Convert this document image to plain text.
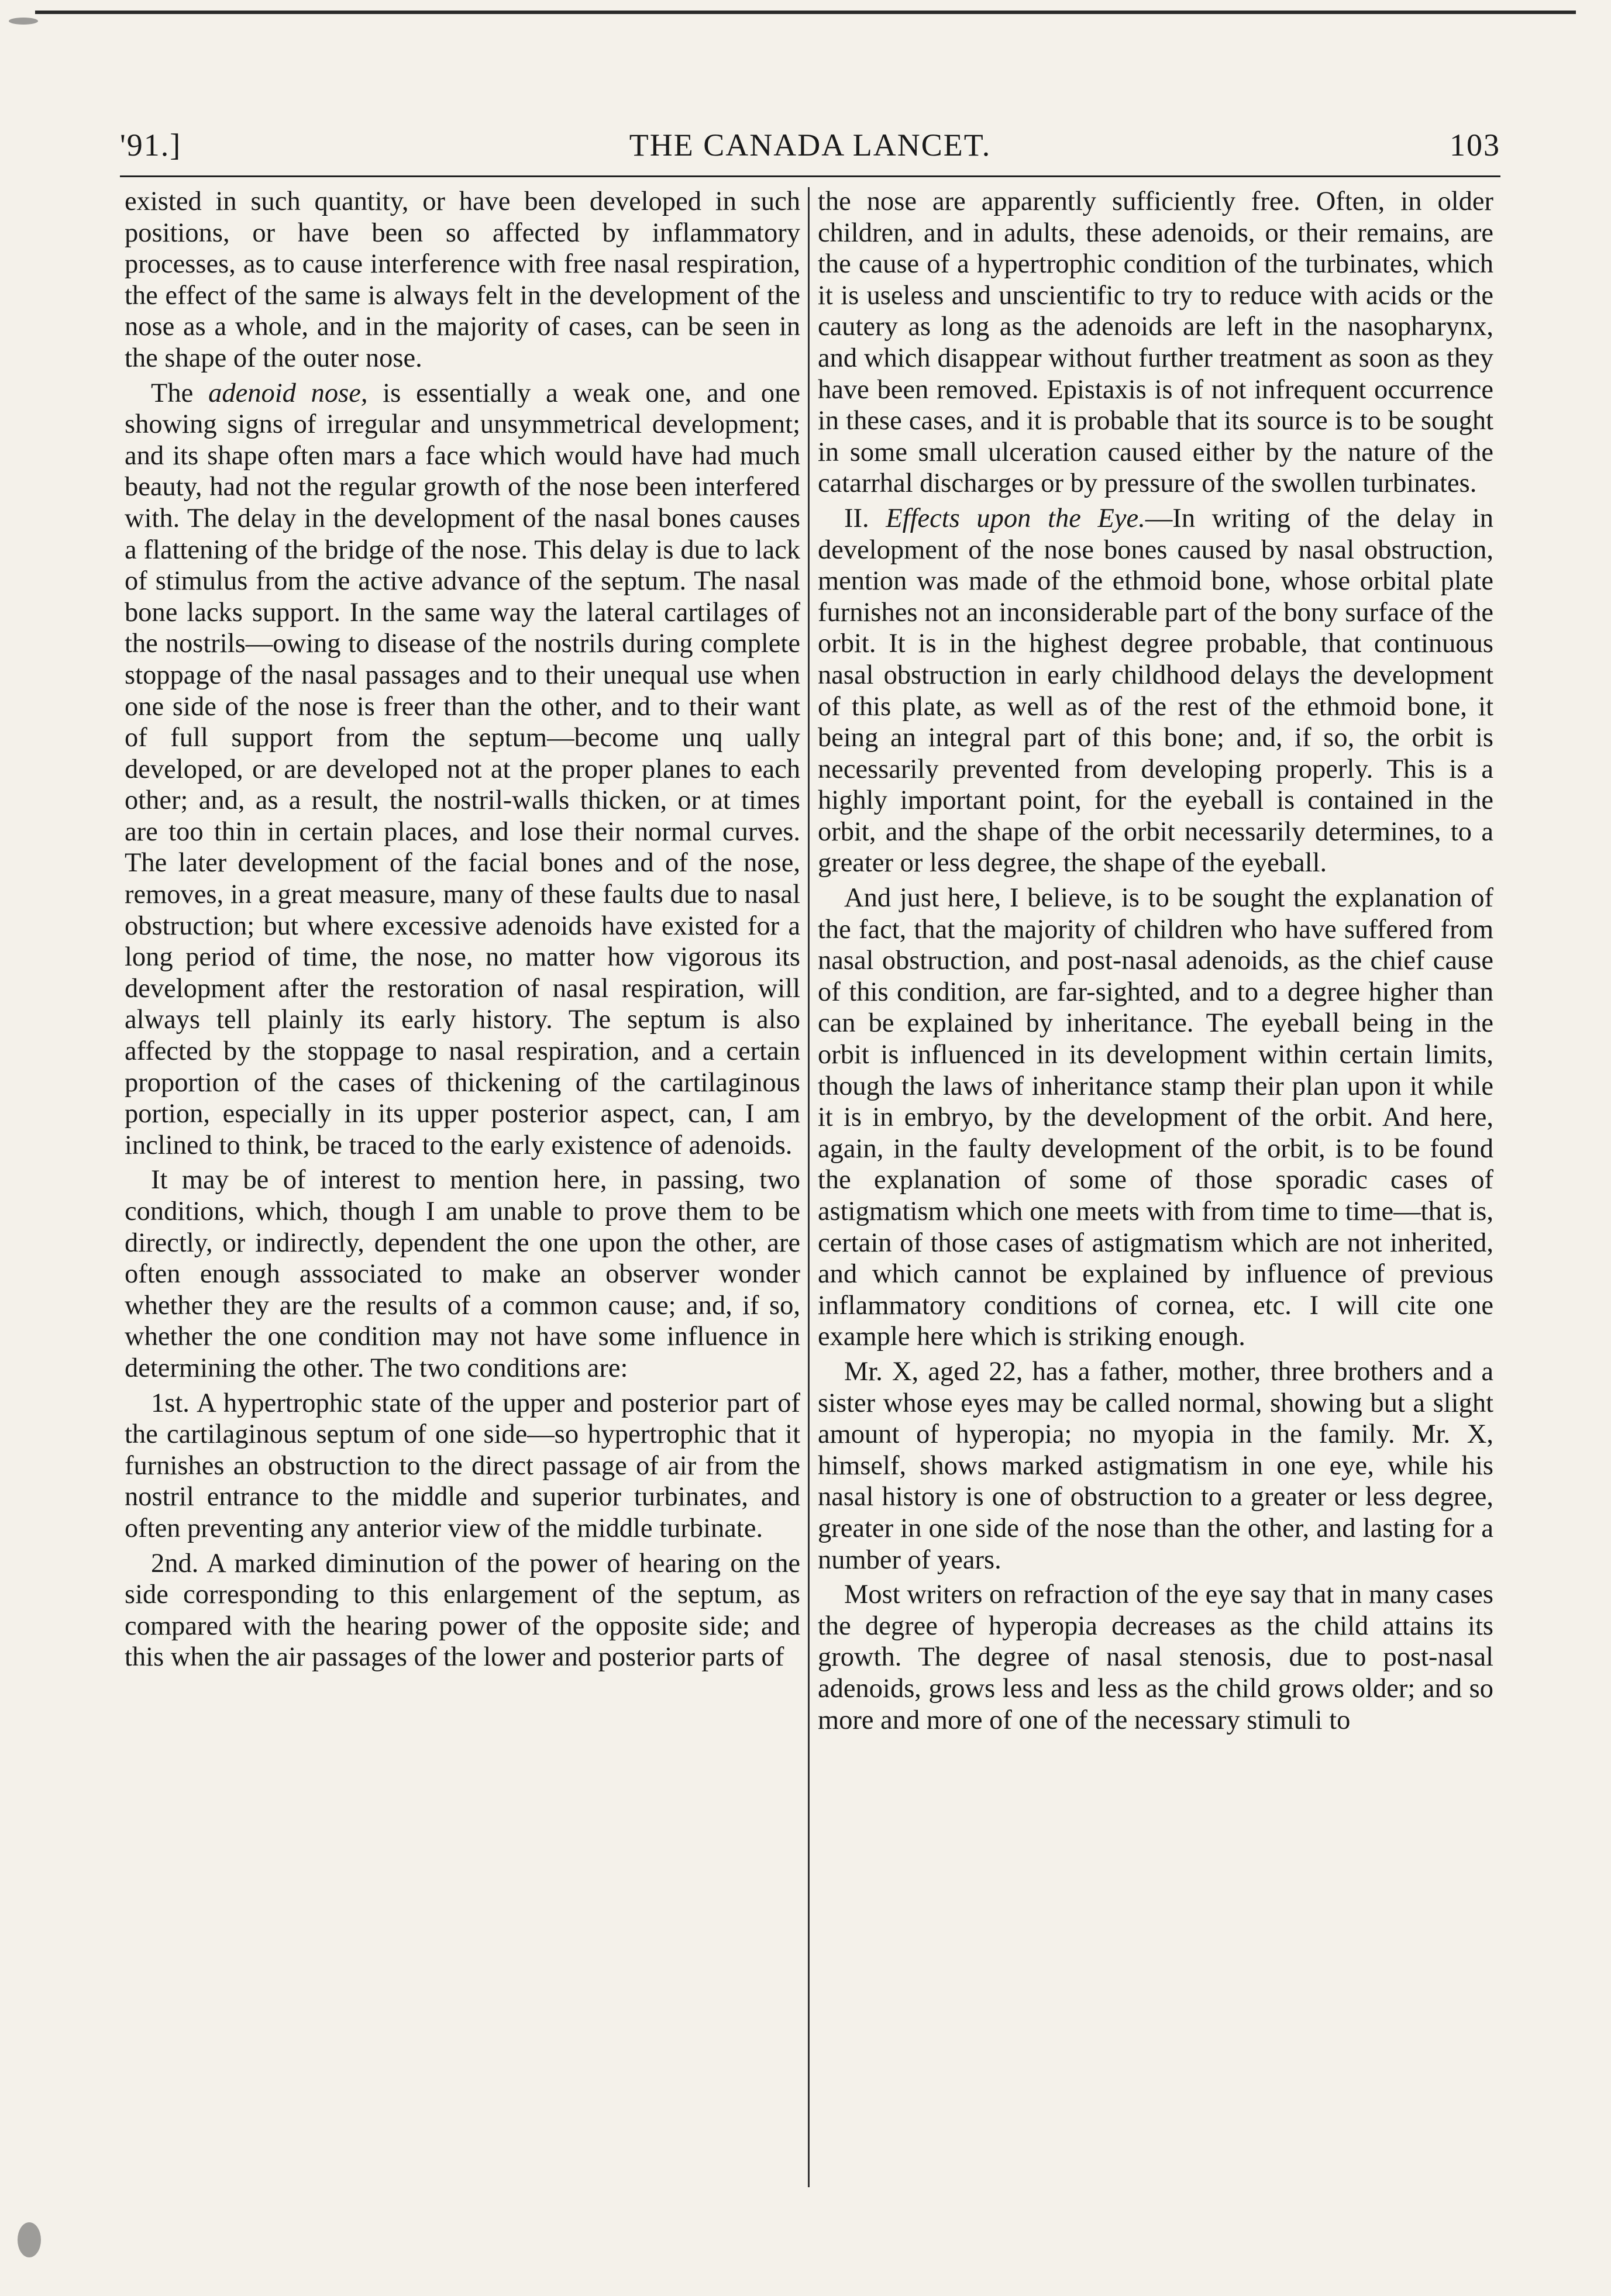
'91.]	THE CANADA LANCET.	103

existed in such quantity, or have been developed in such positions, or have been so affected by inflammatory processes, as to cause interference with free nasal respiration, the effect of the same is always felt in the development of the nose as a whole, and in the majority of cases, can be seen in the shape of the outer nose.

The adenoid nose, is essentially a weak one, and one showing signs of irregular and unsymmetrical development; and its shape often mars a face which would have had much beauty, had not the regular growth of the nose been interfered with. The delay in the development of the nasal bones causes a flattening of the bridge of the nose. This delay is due to lack of stimulus from the active advance of the septum. The nasal bone lacks support. In the same way the lateral cartilages of the nostrils—owing to disease of the nostrils during complete stoppage of the nasal passages and to their unequal use when one side of the nose is freer than the other, and to their want of full support from the septum—become unq ually developed, or are developed not at the proper planes to each other; and, as a result, the nostril-walls thicken, or at times are too thin in certain places, and lose their normal curves. The later development of the facial bones and of the nose, removes, in a great measure, many of these faults due to nasal obstruction; but where excessive adenoids have existed for a long period of time, the nose, no matter how vigorous its development after the restoration of nasal respiration, will always tell plainly its early history. The septum is also affected by the stoppage to nasal respiration, and a certain proportion of the cases of thickening of the cartilaginous portion, especially in its upper posterior aspect, can, I am inclined to think, be traced to the early existence of adenoids.

It may be of interest to mention here, in passing, two conditions, which, though I am unable to prove them to be directly, or indirectly, dependent the one upon the other, are often enough asssociated to make an observer wonder whether they are the results of a common cause; and, if so, whether the one condition may not have some influence in determining the other. The two conditions are:

1st. A hypertrophic state of the upper and posterior part of the cartilaginous septum of one side—so hypertrophic that it furnishes an obstruction to the direct passage of air from the nostril entrance to the middle and superior turbinates, and often preventing any anterior view of the middle turbinate.

2nd. A marked diminution of the power of hearing on the side corresponding to this enlargement of the septum, as compared with the hearing power of the opposite side; and this when the air passages of the lower and posterior parts of

the nose are apparently sufficiently free. Often, in older children, and in adults, these adenoids, or their remains, are the cause of a hypertrophic condition of the turbinates, which it is useless and unscientific to try to reduce with acids or the cautery as long as the adenoids are left in the nasopharynx, and which disappear without further treatment as soon as they have been removed. Epistaxis is of not infrequent occurrence in these cases, and it is probable that its source is to be sought in some small ulceration caused either by the nature of the catarrhal discharges or by pressure of the swollen turbinates.

II. Effects upon the Eye.—In writing of the delay in development of the nose bones caused by nasal obstruction, mention was made of the ethmoid bone, whose orbital plate furnishes not an inconsiderable part of the bony surface of the orbit. It is in the highest degree probable, that continuous nasal obstruction in early childhood delays the development of this plate, as well as of the rest of the ethmoid bone, it being an integral part of this bone; and, if so, the orbit is necessarily prevented from developing properly. This is a highly important point, for the eyeball is contained in the orbit, and the shape of the orbit necessarily determines, to a greater or less degree, the shape of the eyeball.

And just here, I believe, is to be sought the explanation of the fact, that the majority of children who have suffered from nasal obstruction, and post-nasal adenoids, as the chief cause of this condition, are far-sighted, and to a degree higher than can be explained by inheritance. The eyeball being in the orbit is influenced in its development within certain limits, though the laws of inheritance stamp their plan upon it while it is in embryo, by the development of the orbit. And here, again, in the faulty development of the orbit, is to be found the explanation of some of those sporadic cases of astigmatism which one meets with from time to time—that is, certain of those cases of astigmatism which are not inherited, and which cannot be explained by influence of previous inflammatory conditions of cornea, etc. I will cite one example here which is striking enough.

Mr. X, aged 22, has a father, mother, three brothers and a sister whose eyes may be called normal, showing but a slight amount of hyperopia; no myopia in the family. Mr. X, himself, shows marked astigmatism in one eye, while his nasal history is one of obstruction to a greater or less degree, greater in one side of the nose than the other, and lasting for a number of years.

Most writers on refraction of the eye say that in many cases the degree of hyperopia decreases as the child attains its growth. The degree of nasal stenosis, due to post-nasal adenoids, grows less and less as the child grows older; and so more and more of one of the necessary stimuli to
